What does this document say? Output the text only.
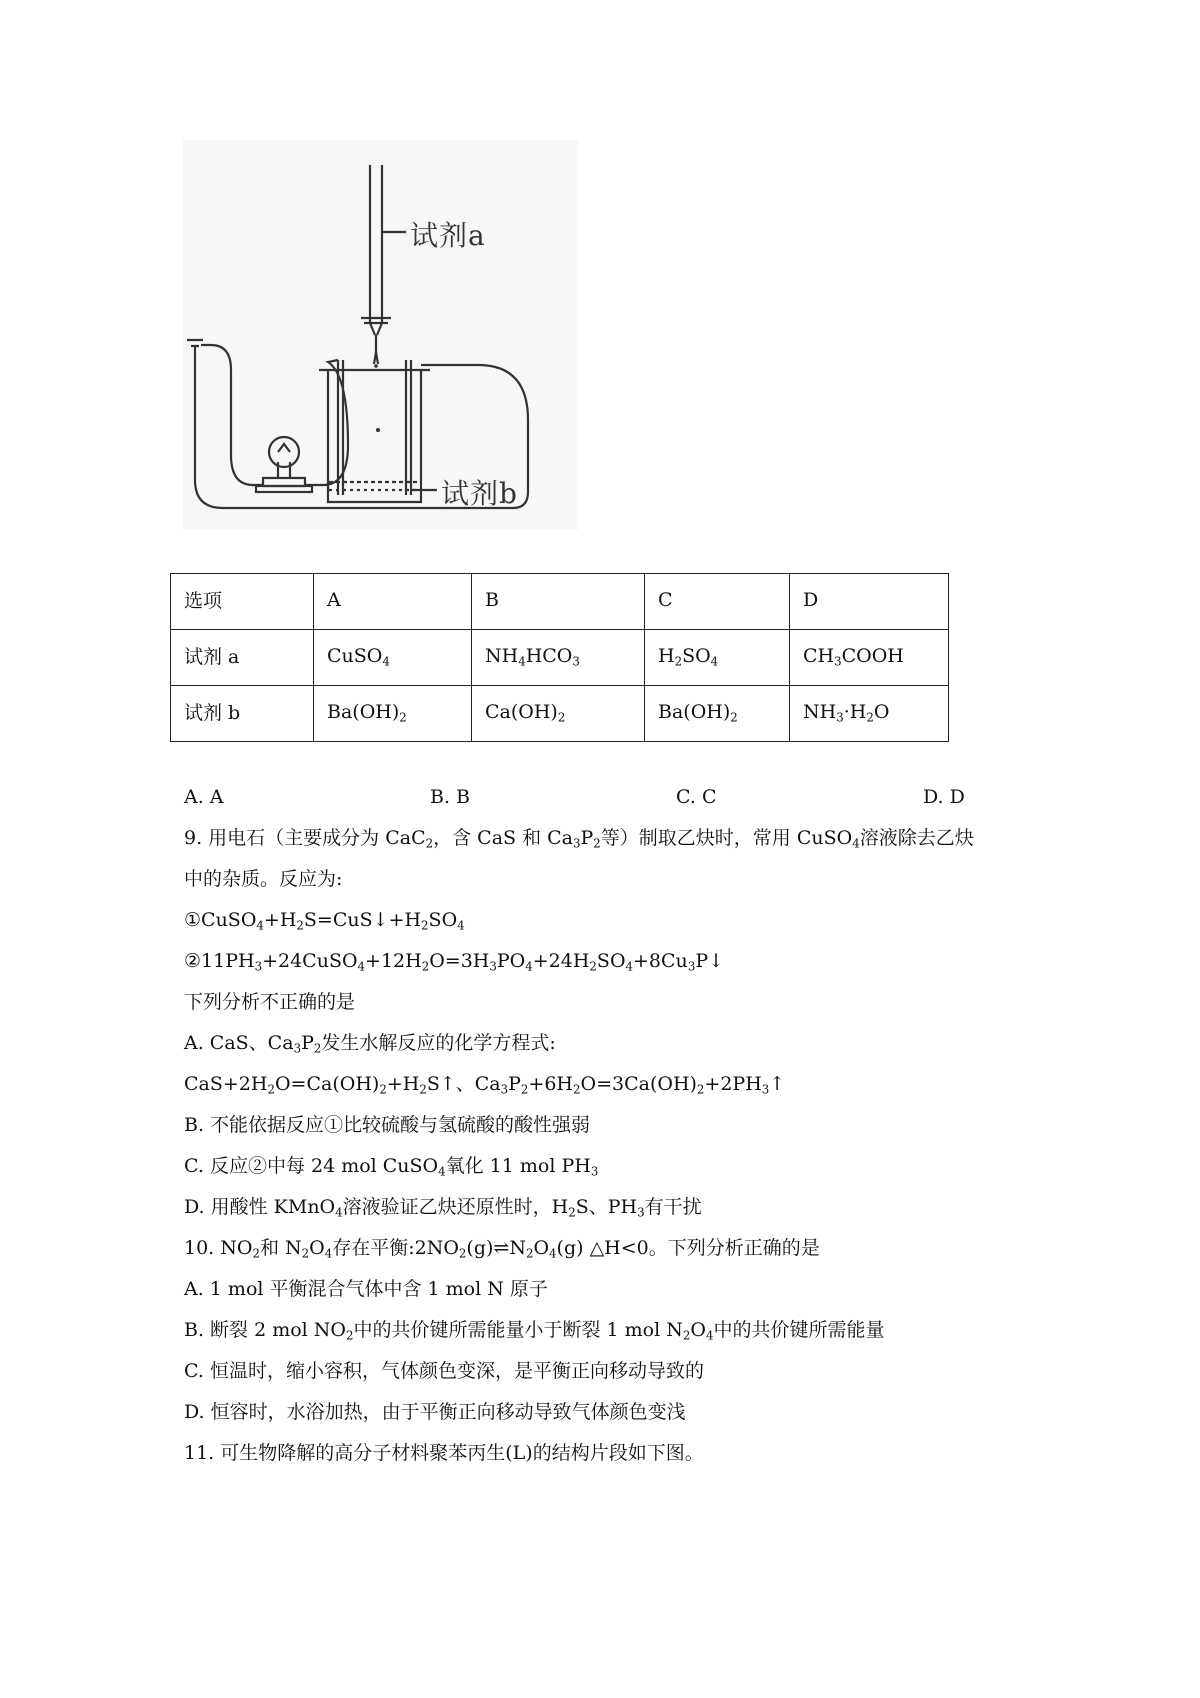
试剂a
试剂b
选项	A	B	C	D
试剂 a	CuSO$_4$	$NH_4HCO_3$	$H_2SO_4$	$CH_3COOH$
试剂 b	$Ba(OH)_2$	$Ca(OH)_2$	$Ba(OH)_2$	$NH_3\cdot H_2O$
A. A	B. B	C. C	D. D
9. 用电石（主要成分为 CaC$_2$，含 CaS 和 $Ca_3P_2$等）制取乙炔时，常用 CuSO$_4$溶液除去乙炔
中的杂质。反应为:
$①CuSO_4+H_2S=CuS↓+H_2SO_4$
$②11PH_3+24CuSO_4+12H_2O=3H_3PO_4+24H_2SO_4+8Cu_3P↓$
下列分析不正确的是
A. CaS、$Ca_3P_2$发生水解反应的化学方程式:
$CaS+2H_2O=Ca(OH)_2+H_2S↑$、$Ca_3P_2+6H_2O=3Ca(OH)_2+2PH_3↑$
B. 不能依据反应①比较硫酸与氢硫酸的酸性强弱
C. 反应②中每 24 mol CuSO$_4$氧化 11 mol $PH_3$
D. 用酸性 KMnO$_4$溶液验证乙炔还原性时，$H_2S$、$PH_3$有干扰
10. $NO_2$和 $N_2O_4$存在平衡$:2NO_2(g)\rightleftharpoons N_2O_4(g)$ △H<0。下列分析正确的是
A. 1 mol 平衡混合气体中含 1 mol N 原子
B. 断裂 2 mol $NO_2$中的共价键所需能量小于断裂 1 mol $N_2O_4$中的共价键所需能量
C. 恒温时，缩小容积，气体颜色变深，是平衡正向移动导致的
D. 恒容时，水浴加热，由于平衡正向移动导致气体颜色变浅
11. 可生物降解的高分子材料聚苯丙生(L)的结构片段如下图。
